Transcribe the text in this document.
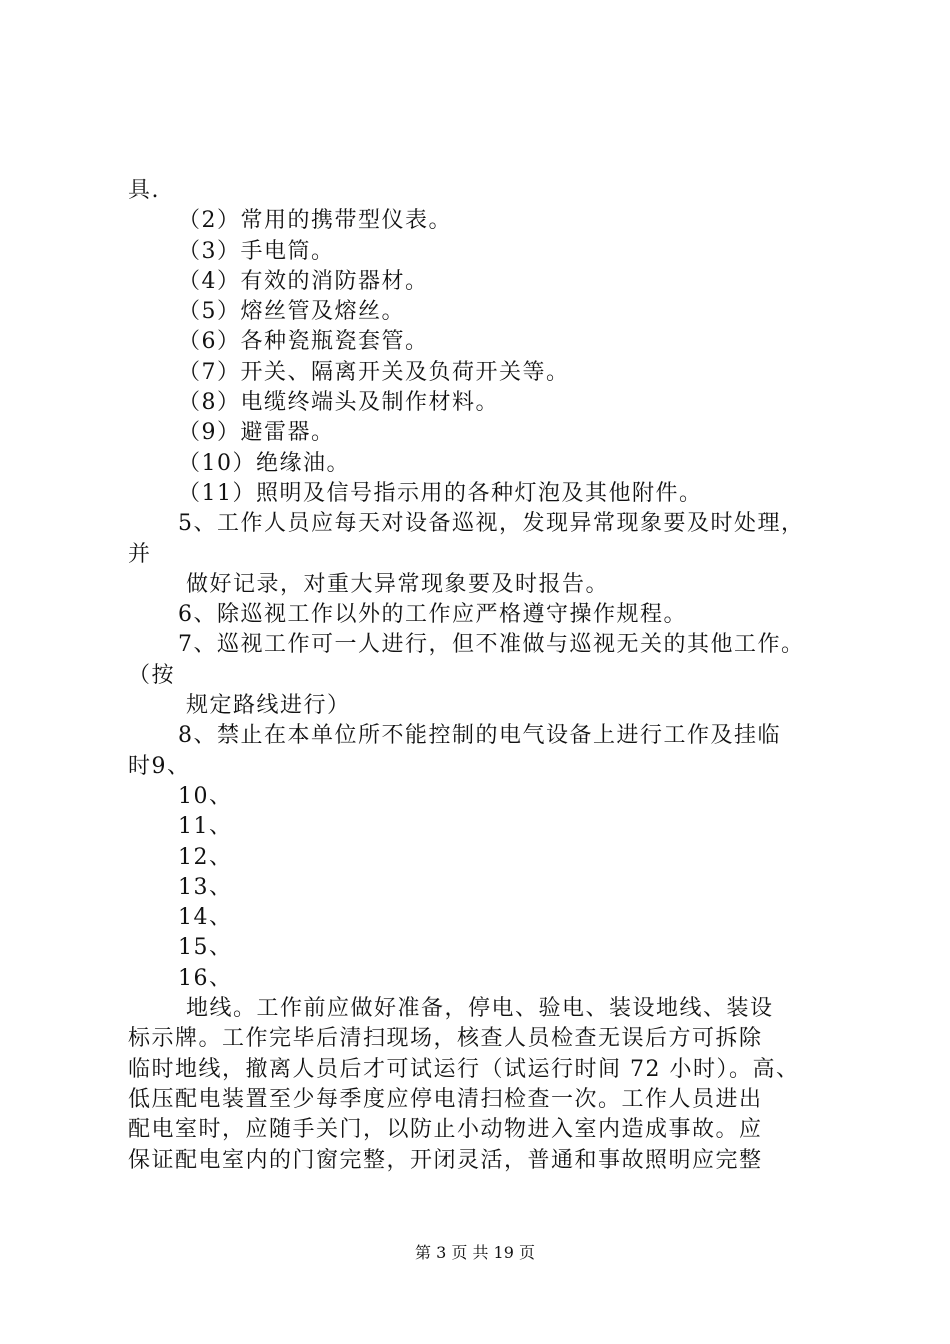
具.
（2）常用的携带型仪表。
（3）手电筒。
（4）有效的消防器材。
（5）熔丝管及熔丝。
（6）各种瓷瓶瓷套管。
（7）开关、隔离开关及负荷开关等。
（8）电缆终端头及制作材料。
（9）避雷器。
（10）绝缘油。
（11）照明及信号指示用的各种灯泡及其他附件。
5、工作人员应每天对设备巡视，发现异常现象要及时处理，
并
做好记录，对重大异常现象要及时报告。
6、除巡视工作以外的工作应严格遵守操作规程。
7、巡视工作可一人进行，但不准做与巡视无关的其他工作。
（按
规定路线进行）
8、禁止在本单位所不能控制的电气设备上进行工作及挂临
时9、
10、
11、
12、
13、
14、
15、
16、
地线。工作前应做好准备，停电、验电、装设地线、装设
标示牌。工作完毕后清扫现场，核查人员检查无误后方可拆除
临时地线，撤离人员后才可试运行（试运行时间 72 小时）。高、
低压配电装置至少每季度应停电清扫检查一次。工作人员进出
配电室时，应随手关门，以防止小动物进入室内造成事故。应
保证配电室内的门窗完整，开闭灵活，普通和事故照明应完整
第 3 页 共 19 页
